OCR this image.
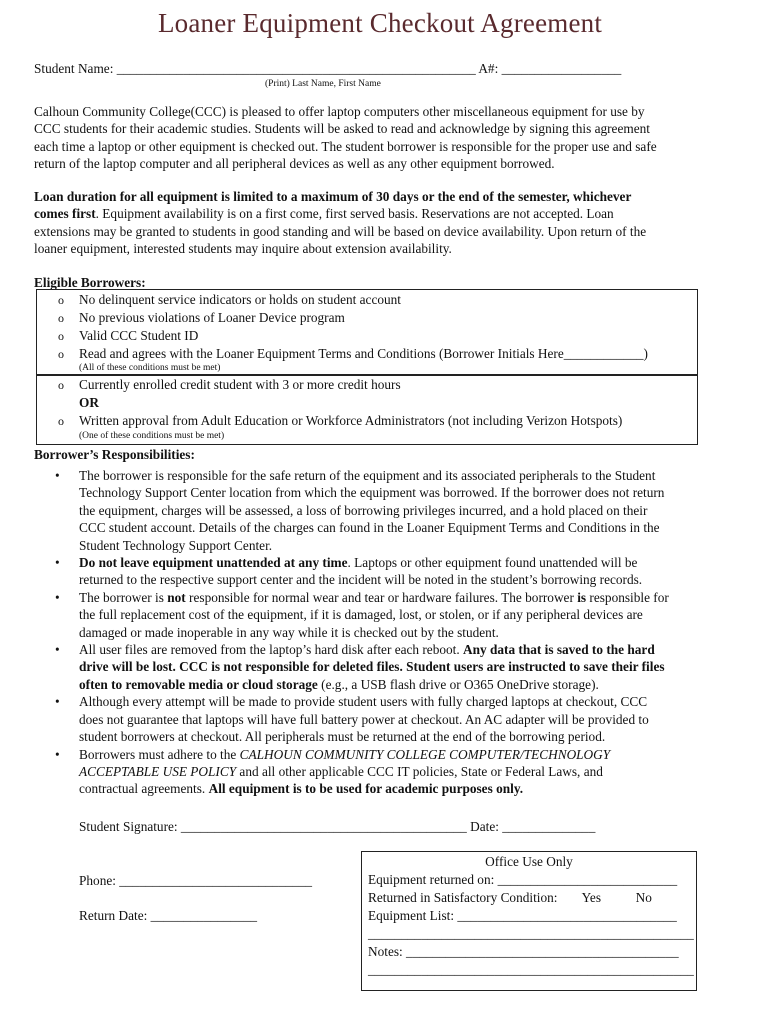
Loaner Equipment Checkout Agreement
Student Name: ______________________________________________________ A#: __________________
(Print) Last Name, First Name

Calhoun Community College(CCC) is pleased to offer laptop computers other miscellaneous equipment for use by

CCC students for their academic studies. Students will be asked to read and acknowledge by signing this agreement

each time a laptop or other equipment is checked out. The student borrower is responsible for the proper use and safe

return of the laptop computer and all peripheral devices as well as any other equipment borrowed.

Loan duration for all equipment is limited to a maximum of 30 days or the end of the semester, whichever

comes first. Equipment availability is on a first come, first served basis. Reservations are not accepted. Loan

extensions may be granted to students in good standing and will be based on device availability. Upon return of the

loaner equipment, interested students may inquire about extension availability.

Eligible Borrowers:
o No delinquent service indicators or holds on student account
o No previous violations of Loaner Device program
o Valid CCC Student ID
o Read and agrees with the Loaner Equipment Terms and Conditions (Borrower Initials Here____________)
(All of these conditions must be met)
o Currently enrolled credit student with 3 or more credit hours
OR
o Written approval from Adult Education or Workforce Administrators (not including Verizon Hotspots)
(One of these conditions must be met)
Borrower’s Responsibilities:
• The borrower is responsible for the safe return of the equipment and its associated peripherals to the Student
Technology Support Center location from which the equipment was borrowed. If the borrower does not return
the equipment, charges will be assessed, a loss of borrowing privileges incurred, and a hold placed on their
CCC student account. Details of the charges can found in the Loaner Equipment Terms and Conditions in the
Student Technology Support Center.
• Do not leave equipment unattended at any time. Laptops or other equipment found unattended will be
returned to the respective support center and the incident will be noted in the student’s borrowing records.
• The borrower is not responsible for normal wear and tear or hardware failures. The borrower is responsible for
the full replacement cost of the equipment, if it is damaged, lost, or stolen, or if any peripheral devices are
damaged or made inoperable in any way while it is checked out by the student.
• All user files are removed from the laptop’s hard disk after each reboot. Any data that is saved to the hard
drive will be lost. CCC is not responsible for deleted files. Student users are instructed to save their files
often to removable media or cloud storage (e.g., a USB flash drive or O365 OneDrive storage).
• Although every attempt will be made to provide student users with fully charged laptops at checkout, CCC
does not guarantee that laptops will have full battery power at checkout. An AC adapter will be provided to
student borrowers at checkout. All peripherals must be returned at the end of the borrowing period.
• Borrowers must adhere to the CALHOUN COMMUNITY COLLEGE COMPUTER/TECHNOLOGY
ACCEPTABLE USE POLICY and all other applicable CCC IT policies, State or Federal Laws, and
contractual agreements. All equipment is to be used for academic purposes only.
Student Signature: ___________________________________________ Date: ______________
Phone: _____________________________
Return Date: ________________
Office Use Only
Equipment returned on: ___________________________
Returned in Satisfactory Condition: Yes	No
Equipment List: _________________________________
_________________________________________________
Notes: _________________________________________
_________________________________________________
